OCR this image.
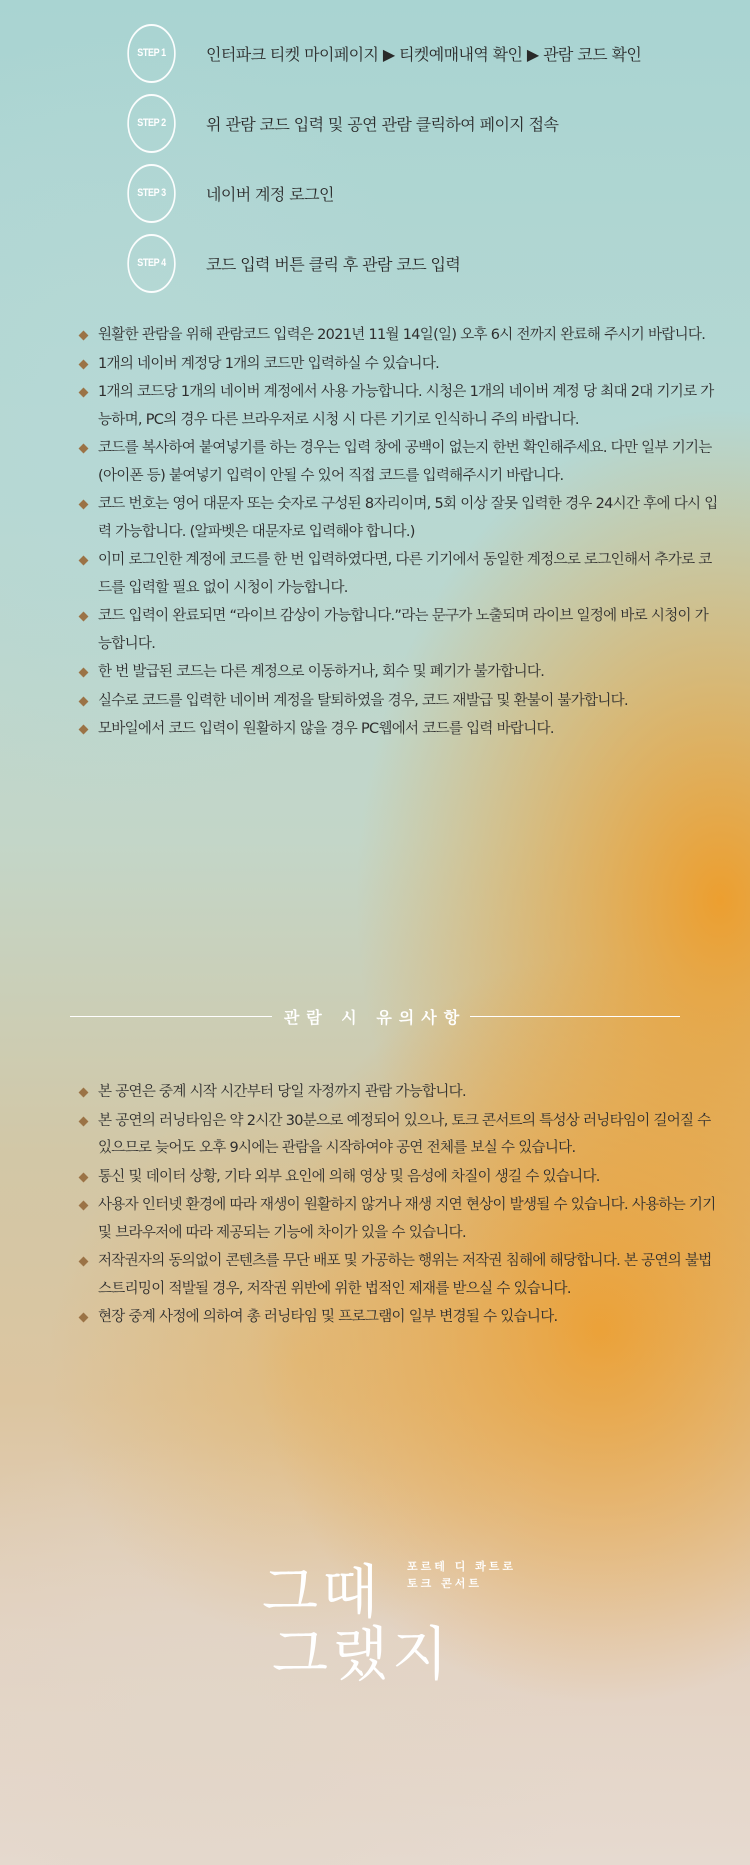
STEP 1	인터파크 티켓 마이페이지 ▶ 티켓예매내역 확인 ▶ 관람 코드 확인
STEP 2	위 관람 코드 입력 및 공연 관람 클릭하여 페이지 접속
STEP 3	네이버 계정 로그인
STEP 4	코드 입력 버튼 클릭 후 관람 코드 입력
원활한 관람을 위해 관람코드 입력은 2021년 11월 14일(일) 오후 6시 전까지 완료해 주시기 바랍니다.
1개의 네이버 계정당 1개의 코드만 입력하실 수 있습니다.
1개의 코드당 1개의 네이버 계정에서 사용 가능합니다. 시청은 1개의 네이버 계정 당 최대 2대 기기로 가능하며, PC의 경우 다른 브라우저로 시청 시 다른 기기로 인식하니 주의 바랍니다.
코드를 복사하여 붙여넣기를 하는 경우는 입력 창에 공백이 없는지 한번 확인해주세요. 다만 일부 기기는(아이폰 등) 붙여넣기 입력이 안될 수 있어 직접 코드를 입력해주시기 바랍니다.
코드 번호는 영어 대문자 또는 숫자로 구성된 8자리이며, 5회 이상 잘못 입력한 경우 24시간 후에 다시 입력 가능합니다. (알파벳은 대문자로 입력해야 합니다.)
이미 로그인한 계정에 코드를 한 번 입력하였다면, 다른 기기에서 동일한 계정으로 로그인해서 추가로 코드를 입력할 필요 없이 시청이 가능합니다.
코드 입력이 완료되면 “라이브 감상이 가능합니다.”라는 문구가 노출되며 라이브 일정에 바로 시청이 가능합니다.
한 번 발급된 코드는 다른 계정으로 이동하거나, 회수 및 폐기가 불가합니다.
실수로 코드를 입력한 네이버 계정을 탈퇴하였을 경우, 코드 재발급 및 환불이 불가합니다.
모바일에서 코드 입력이 원활하지 않을 경우 PC웹에서 코드를 입력 바랍니다.
관람 시 유의사항
본 공연은 중계 시작 시간부터 당일 자정까지 관람 가능합니다.
본 공연의 러닝타임은 약 2시간 30분으로 예정되어 있으나, 토크 콘서트의 특성상 러닝타임이 길어질 수 있으므로 늦어도 오후 9시에는 관람을 시작하여야 공연 전체를 보실 수 있습니다.
통신 및 데이터 상황, 기타 외부 요인에 의해 영상 및 음성에 차질이 생길 수 있습니다.
사용자 인터넷 환경에 따라 재생이 원활하지 않거나 재생 지연 현상이 발생될 수 있습니다. 사용하는 기기 및 브라우저에 따라 제공되는 기능에 차이가 있을 수 있습니다.
저작권자의 동의없이 콘텐츠를 무단 배포 및 가공하는 행위는 저작권 침해에 해당합니다. 본 공연의 불법 스트리밍이 적발될 경우, 저작권 위반에 위한 법적인 제재를 받으실 수 있습니다.
현장 중계 사정에 의하여 총 러닝타임 및 프로그램이 일부 변경될 수 있습니다.
그때
그랬지
포르테 디 콰트로
토크 콘서트
